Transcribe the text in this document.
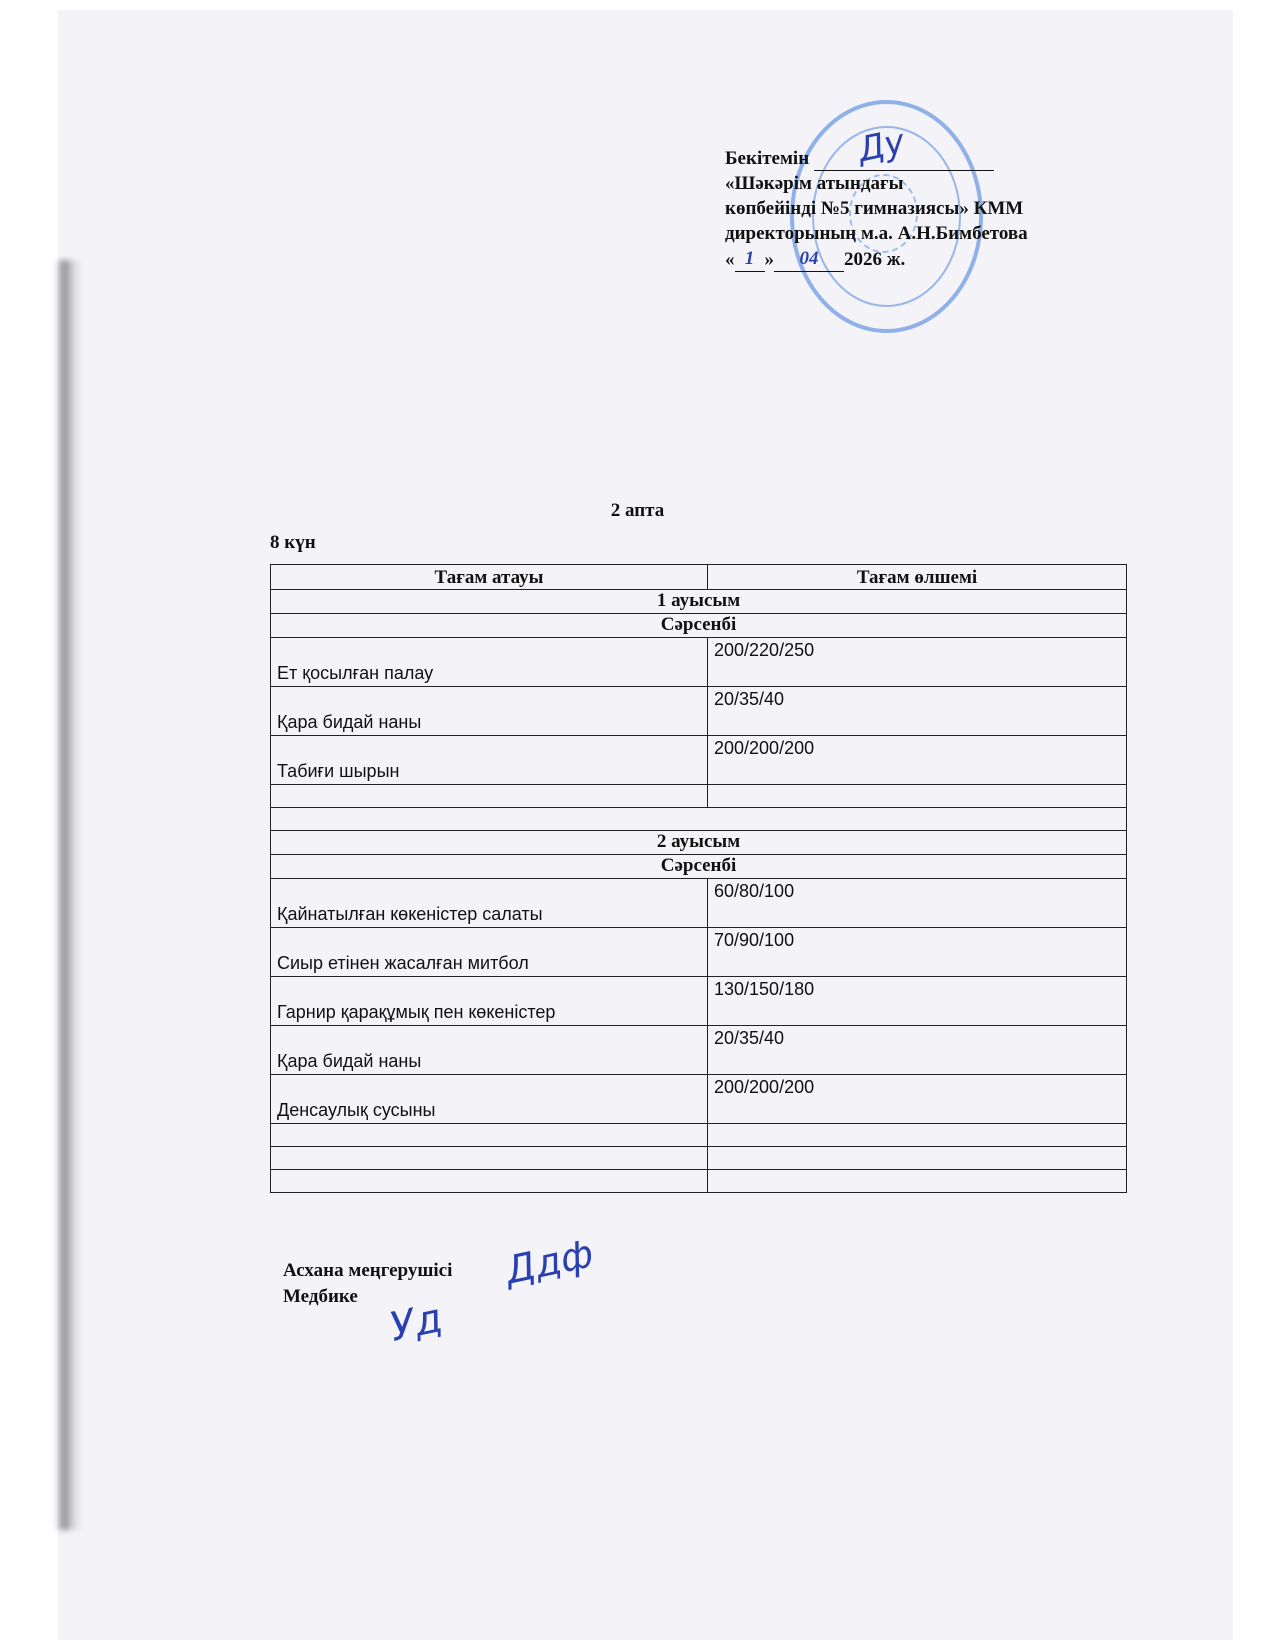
Ду
Бекітемін
«Шәкәрім атындағы
көпбейінді №5 гимназиясы» КММ
директорының м.а. А.Н.Бимбетова
« 1 » 04 2026 ж.
2 апта
8 күн
Тағам атауы	Тағам өлшемі
1 ауысым	
Сәрсенбі	
Ет қосылған палау	200/220/250
Қара бидай наны	20/35/40
Табиғи шырын	200/200/200

2 ауысым	
Сәрсенбі	
Қайнатылған көкеністер салаты	60/80/100
Сиыр етінен жасалған митбол	70/90/100
Гарнир қарақұмық пен көкеністер	130/150/180
Қара бидай наны	20/35/40
Денсаулық сусыны	200/200/200

Асхана меңгерушісі Ддф
Медбике Уд
